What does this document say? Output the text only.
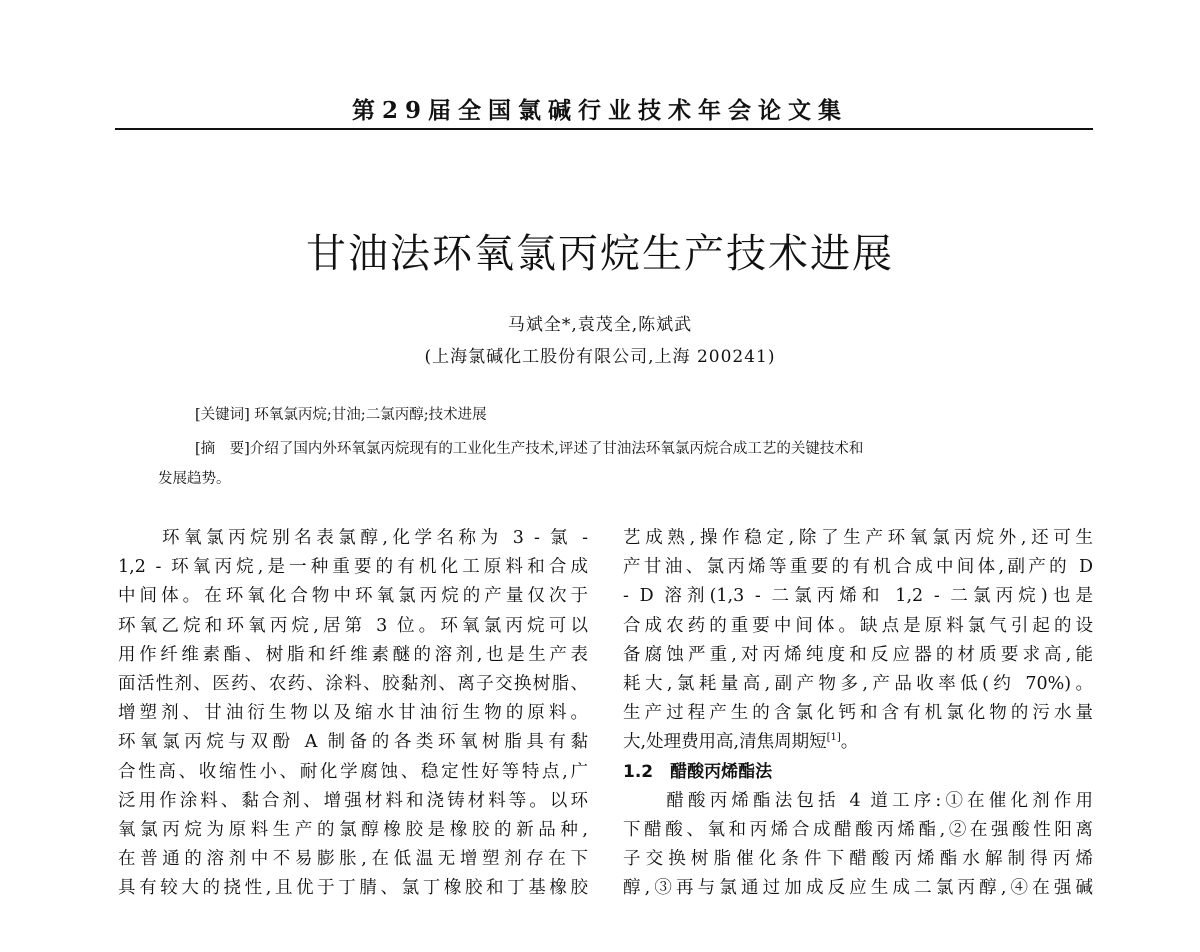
第29届全国氯碱行业技术年会论文集
甘油法环氧氯丙烷生产技术进展
马斌全*,袁茂全,陈斌武
(上海氯碱化工股份有限公司,上海 200241)
[关键词] 环氧氯丙烷;甘油;二氯丙醇;技术进展
[摘　要]介绍了国内外环氧氯丙烷现有的工业化生产技术,评述了甘油法环氧氯丙烷合成工艺的关键技术和
发展趋势。
　　环氧氯丙烷别名表氯醇,化学名称为 3 - 氯 -
1,2 - 环氧丙烷,是一种重要的有机化工原料和合成
中间体。在环氧化合物中环氧氯丙烷的产量仅次于
环氧乙烷和环氧丙烷,居第 3 位。环氧氯丙烷可以
用作纤维素酯、树脂和纤维素醚的溶剂,也是生产表
面活性剂、医药、农药、涂料、胶黏剂、离子交换树脂、
增塑剂、甘油衍生物以及缩水甘油衍生物的原料。
环氧氯丙烷与双酚 A 制备的各类环氧树脂具有黏
合性高、收缩性小、耐化学腐蚀、稳定性好等特点,广
泛用作涂料、黏合剂、增强材料和浇铸材料等。以环
氧氯丙烷为原料生产的氯醇橡胶是橡胶的新品种,
在普通的溶剂中不易膨胀,在低温无增塑剂存在下
具有较大的挠性,且优于丁腈、氯丁橡胶和丁基橡胶
艺成熟,操作稳定,除了生产环氧氯丙烷外,还可生
产甘油、氯丙烯等重要的有机合成中间体,副产的 D
- D 溶剂(1,3 - 二氯丙烯和 1,2 - 二氯丙烷)也是
合成农药的重要中间体。缺点是原料氯气引起的设
备腐蚀严重,对丙烯纯度和反应器的材质要求高,能
耗大,氯耗量高,副产物多,产品收率低(约 70%)。
生产过程产生的含氯化钙和含有机氯化物的污水量
大,处理费用高,清焦周期短[1]。
1.2　醋酸丙烯酯法
　　醋酸丙烯酯法包括 4 道工序:①在催化剂作用
下醋酸、氧和丙烯合成醋酸丙烯酯,②在强酸性阳离
子交换树脂催化条件下醋酸丙烯酯水解制得丙烯
醇,③再与氯通过加成反应生成二氯丙醇,④在强碱
